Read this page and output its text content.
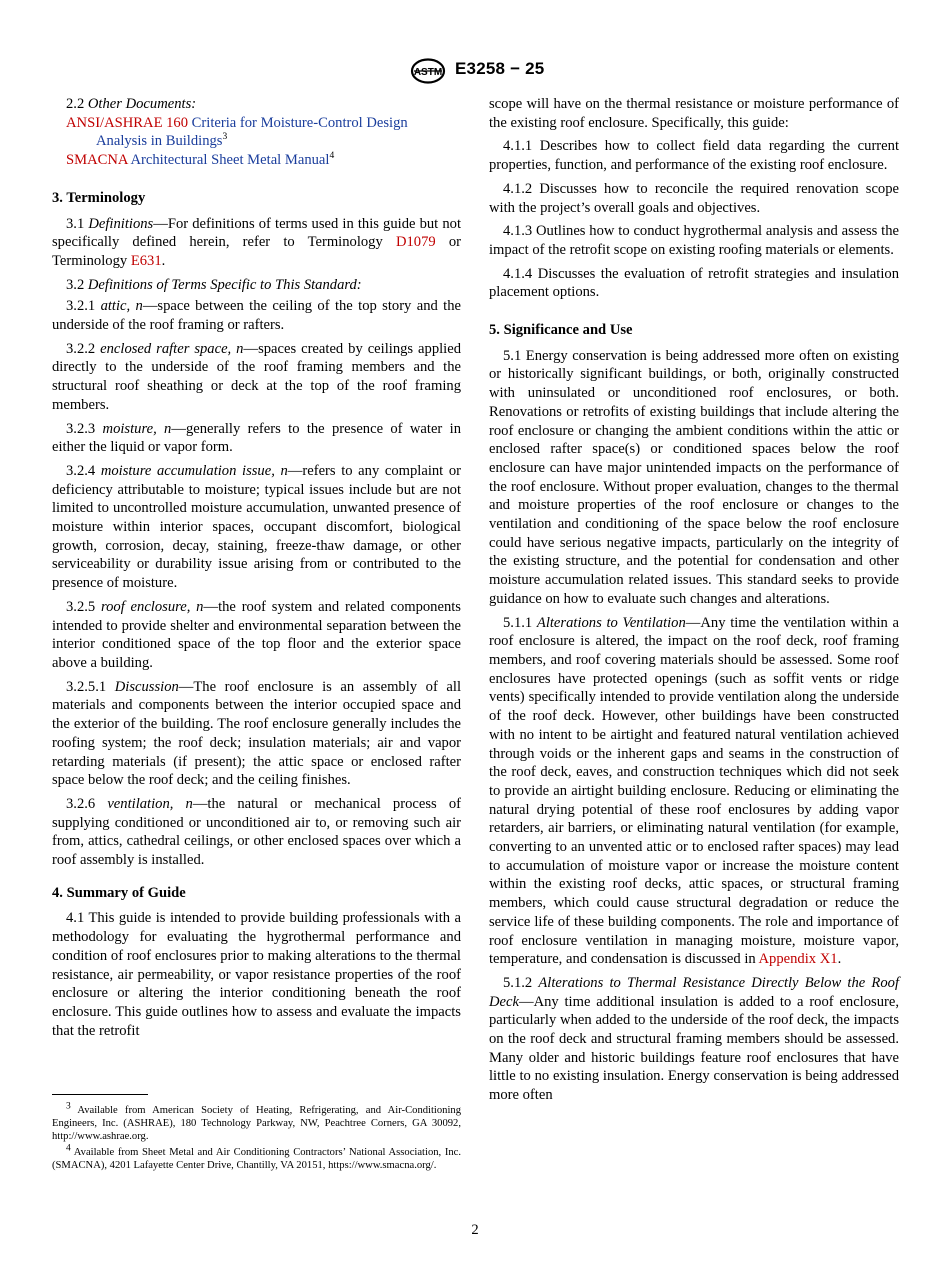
ASTM E3258 − 25

2.2 Other Documents:

ANSI/ASHRAE 160 Criteria for Moisture-Control Design Analysis in Buildings$^3$

SMACNA Architectural Sheet Metal Manual$^4$

3. Terminology

3.1 Definitions—For definitions of terms used in this guide but not specifically defined herein, refer to Terminology D1079 or Terminology E631.

3.2 Definitions of Terms Specific to This Standard:

3.2.1 attic, n—space between the ceiling of the top story and the underside of the roof framing or rafters.

3.2.2 enclosed rafter space, n—spaces created by ceilings applied directly to the underside of the roof framing members and the structural roof sheathing or deck at the top of the roof framing members.

3.2.3 moisture, n—generally refers to the presence of water in either the liquid or vapor form.

3.2.4 moisture accumulation issue, n—refers to any complaint or deficiency attributable to moisture; typical issues include but are not limited to uncontrolled moisture accumulation, unwanted presence of moisture within interior spaces, occupant discomfort, biological growth, corrosion, decay, staining, freeze-thaw damage, or other serviceability or durability issue arising from or contributed to the presence of moisture.

3.2.5 roof enclosure, n—the roof system and related components intended to provide shelter and environmental separation between the interior conditioned space of the top floor and the exterior space above a building.

3.2.5.1 Discussion—The roof enclosure is an assembly of all materials and components between the interior occupied space and the exterior of the building. The roof enclosure generally includes the roofing system; the roof deck; insulation materials; air and vapor retarding materials (if present); the attic space or enclosed rafter space below the roof deck; and the ceiling finishes.

3.2.6 ventilation, n—the natural or mechanical process of supplying conditioned or unconditioned air to, or removing such air from, attics, cathedral ceilings, or other enclosed spaces over which a roof assembly is installed.

4. Summary of Guide

4.1 This guide is intended to provide building professionals with a methodology for evaluating the hygrothermal performance and condition of roof enclosures prior to making alterations to the thermal resistance, air permeability, or vapor resistance properties of the roof enclosure or altering the interior conditioning beneath the roof enclosure. This guide outlines how to assess and evaluate the impacts that the retrofit

scope will have on the thermal resistance or moisture performance of the existing roof enclosure. Specifically, this guide:

4.1.1 Describes how to collect field data regarding the current properties, function, and performance of the existing roof enclosure.

4.1.2 Discusses how to reconcile the required renovation scope with the project’s overall goals and objectives.

4.1.3 Outlines how to conduct hygrothermal analysis and assess the impact of the retrofit scope on existing roofing materials or elements.

4.1.4 Discusses the evaluation of retrofit strategies and insulation placement options.

5. Significance and Use

5.1 Energy conservation is being addressed more often on existing or historically significant buildings, or both, originally constructed with uninsulated or unconditioned roof enclosures, or both. Renovations or retrofits of existing buildings that include altering the roof enclosure or changing the ambient conditions within the attic or enclosed rafter space(s) or conditioned spaces below the roof enclosure can have major unintended impacts on the performance of the roof enclosure. Without proper evaluation, changes to the thermal and moisture properties of the roof enclosure or changes to the ventilation and conditioning of the space below the roof enclosure could have serious negative impacts, particularly on the integrity of the existing structure, and the potential for condensation and other moisture accumulation related issues. This standard seeks to provide guidance on how to evaluate such changes and alterations.

5.1.1 Alterations to Ventilation—Any time the ventilation within a roof enclosure is altered, the impact on the roof deck, roof framing members, and roof covering materials should be assessed. Some roof enclosures have protected openings (such as soffit vents or ridge vents) specifically intended to provide ventilation along the underside of the roof deck. However, other buildings have been constructed with no intent to be airtight and featured natural ventilation achieved through voids or the inherent gaps and seams in the construction of the roof deck, eaves, and construction techniques which did not seek to provide an airtight building enclosure. Reducing or eliminating the natural drying potential of these roof enclosures by adding vapor retarders, air barriers, or eliminating natural ventilation (for example, converting to an unvented attic or to enclosed rafter spaces) may lead to accumulation of moisture vapor or increase the moisture content within the existing roof decks, attic spaces, or structural framing members, which could cause structural degradation or reduce the service life of these building components. The role and importance of roof enclosure ventilation in managing moisture, moisture vapor, temperature, and condensation is discussed in Appendix X1.

5.1.2 Alterations to Thermal Resistance Directly Below the Roof Deck—Any time additional insulation is added to a roof enclosure, particularly when added to the underside of the roof deck, the impacts on the roof deck and structural framing members should be assessed. Many older and historic buildings feature roof enclosures that have little to no existing insulation. Energy conservation is being addressed more often

$^3$ Available from American Society of Heating, Refrigerating, and Air-Conditioning Engineers, Inc. (ASHRAE), 180 Technology Parkway, NW, Peachtree Corners, GA 30092, http://www.ashrae.org.

$^4$ Available from Sheet Metal and Air Conditioning Contractors’ National Association, Inc. (SMACNA), 4201 Lafayette Center Drive, Chantilly, VA 20151, https://www.smacna.org/.

2
